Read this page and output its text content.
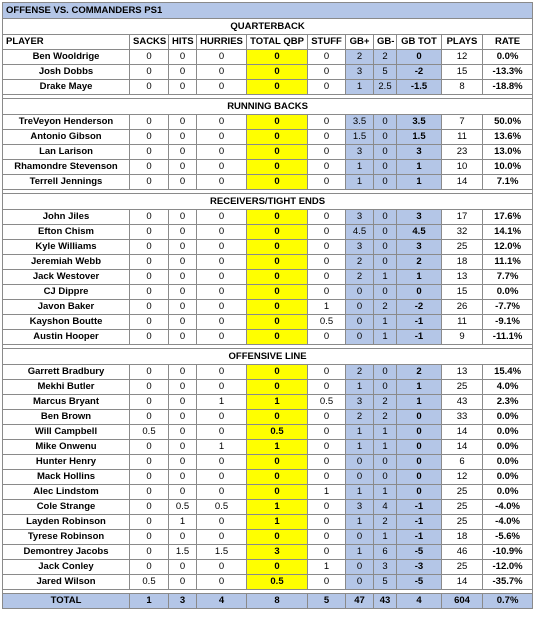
OFFENSE VS. COMMANDERS PS1										
QUARTERBACK										
PLAYER	SACKS	HITS	HURRIES	TOTAL QBP	STUFF	GB+	GB-	GB TOT	PLAYS	RATE
Ben Wooldrige	0	0	0	0	0	2	2	0	12	0.0%
Josh Dobbs	0	0	0	0	0	3	5	-2	15	-13.3%
Drake Maye	0	0	0	0	0	1	2.5	-1.5	8	-18.8%

RUNNING BACKS										
TreVeyon Henderson	0	0	0	0	0	3.5	0	3.5	7	50.0%
Antonio Gibson	0	0	0	0	0	1.5	0	1.5	11	13.6%
Lan Larison	0	0	0	0	0	3	0	3	23	13.0%
Rhamondre Stevenson	0	0	0	0	0	1	0	1	10	10.0%
Terrell Jennings	0	0	0	0	0	1	0	1	14	7.1%

RECEIVERS/TIGHT ENDS										
John Jiles	0	0	0	0	0	3	0	3	17	17.6%
Efton Chism	0	0	0	0	0	4.5	0	4.5	32	14.1%
Kyle Williams	0	0	0	0	0	3	0	3	25	12.0%
Jeremiah Webb	0	0	0	0	0	2	0	2	18	11.1%
Jack Westover	0	0	0	0	0	2	1	1	13	7.7%
CJ Dippre	0	0	0	0	0	0	0	0	15	0.0%
Javon Baker	0	0	0	0	1	0	2	-2	26	-7.7%
Kayshon Boutte	0	0	0	0	0.5	0	1	-1	11	-9.1%
Austin Hooper	0	0	0	0	0	0	1	-1	9	-11.1%

OFFENSIVE LINE										
Garrett Bradbury	0	0	0	0	0	2	0	2	13	15.4%
Mekhi Butler	0	0	0	0	0	1	0	1	25	4.0%
Marcus Bryant	0	0	1	1	0.5	3	2	1	43	2.3%
Ben Brown	0	0	0	0	0	2	2	0	33	0.0%
Will Campbell	0.5	0	0	0.5	0	1	1	0	14	0.0%
Mike Onwenu	0	0	1	1	0	1	1	0	14	0.0%
Hunter Henry	0	0	0	0	0	0	0	0	6	0.0%
Mack Hollins	0	0	0	0	0	0	0	0	12	0.0%
Alec Lindstom	0	0	0	0	1	1	1	0	25	0.0%
Cole Strange	0	0.5	0.5	1	0	3	4	-1	25	-4.0%
Layden Robinson	0	1	0	1	0	1	2	-1	25	-4.0%
Tyrese Robinson	0	0	0	0	0	0	1	-1	18	-5.6%
Demontrey Jacobs	0	1.5	1.5	3	0	1	6	-5	46	-10.9%
Jack Conley	0	0	0	0	1	0	3	-3	25	-12.0%
Jared Wilson	0.5	0	0	0.5	0	0	5	-5	14	-35.7%

TOTAL	1	3	4	8	5	47	43	4	604	0.7%
